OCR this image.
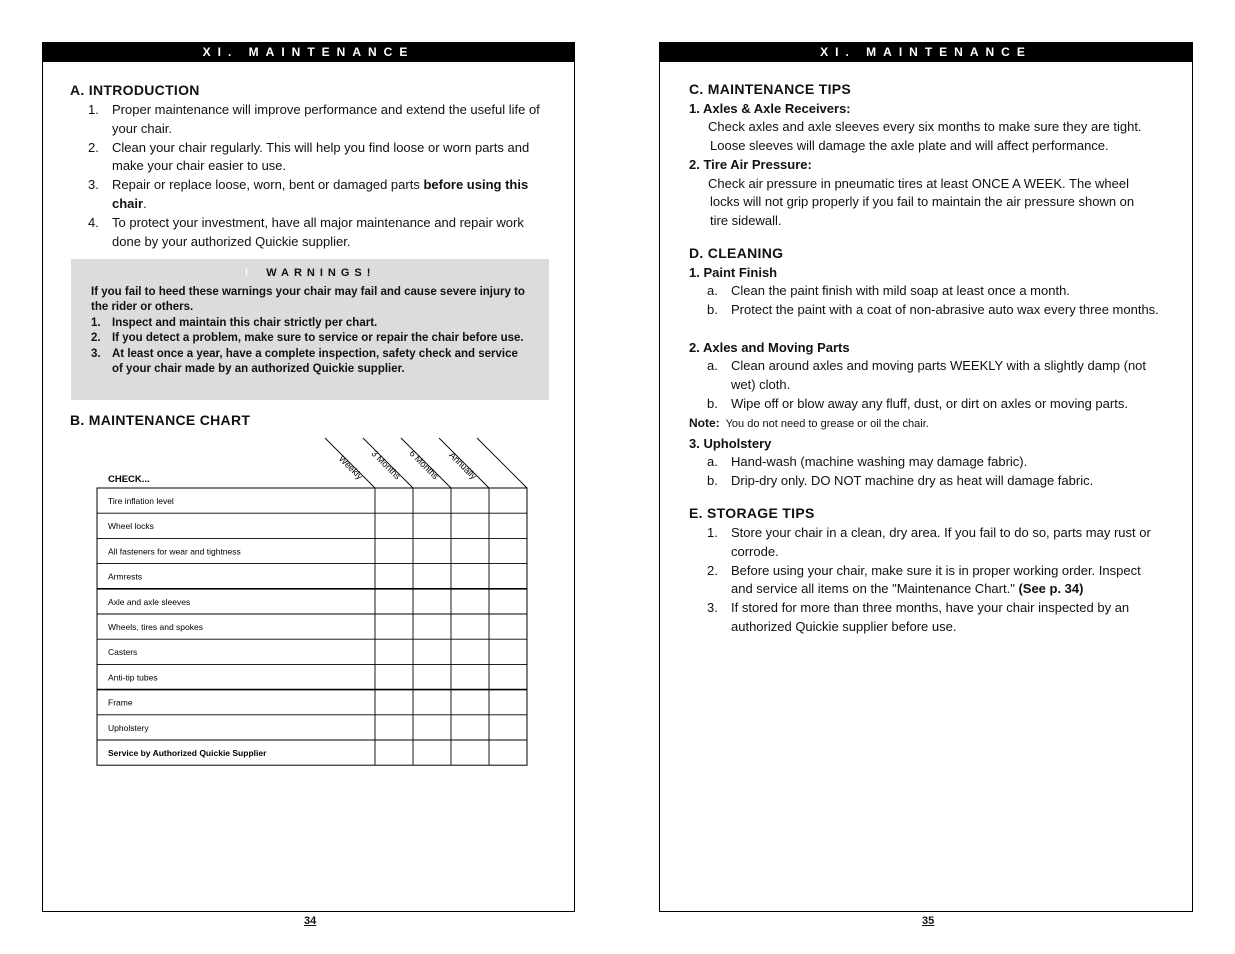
XI. MAINTENANCE
A. INTRODUCTION
1. Proper maintenance will improve performance and extend the useful life of your chair.
2. Clean your chair regularly. This will help you find loose or worn parts and make your chair easier to use.
3. Repair or replace loose, worn, bent or damaged parts before using this chair.
4. To protect your investment, have all major maintenance and repair work done by your authorized Quickie supplier.
! WARNINGS!
If you fail to heed these warnings your chair may fail and cause severe injury to the rider or others.
1. Inspect and maintain this chair strictly per chart.
2. If you detect a problem, make sure to service or repair the chair before use.
3. At least once a year, have a complete inspection, safety check and service of your chair made by an authorized Quickie supplier.
B. MAINTENANCE CHART
Weekly 3 Months 6 Months Annually
Tire inflation level
Wheel locks
All fasteners for wear and tightness
Armrests
Axle and axle sleeves
Wheels, tires and spokes
Casters
Anti-tip tubes
Frame
Upholstery
Service by Authorized Quickie Supplier
CHECK...
34
XI. MAINTENANCE
C. MAINTENANCE TIPS
1. Axles & Axle Receivers:
Check axles and axle sleeves every six months to make sure they are tight.
Loose sleeves will damage the axle plate and will affect performance.
2. Tire Air Pressure:
Check air pressure in pneumatic tires at least ONCE A WEEK. The wheel
locks will not grip properly if you fail to maintain the air pressure shown on
tire sidewall.
D. CLEANING
1. Paint Finish
a. Clean the paint finish with mild soap at least once a month.
b. Protect the paint with a coat of non-abrasive auto wax every three months.
2. Axles and Moving Parts
a. Clean around axles and moving parts WEEKLY with a slightly damp (not wet) cloth.
b. Wipe off or blow away any fluff, dust, or dirt on axles or moving parts.
Note: You do not need to grease or oil the chair.
3. Upholstery
a. Hand-wash (machine washing may damage fabric).
b. Drip-dry only. DO NOT machine dry as heat will damage fabric.
E. STORAGE TIPS
1. Store your chair in a clean, dry area. If you fail to do so, parts may rust or corrode.
2. Before using your chair, make sure it is in proper working order. Inspect and service all items on the "Maintenance Chart." (See p. 34)
3. If stored for more than three months, have your chair inspected by an authorized Quickie supplier before use.
35
